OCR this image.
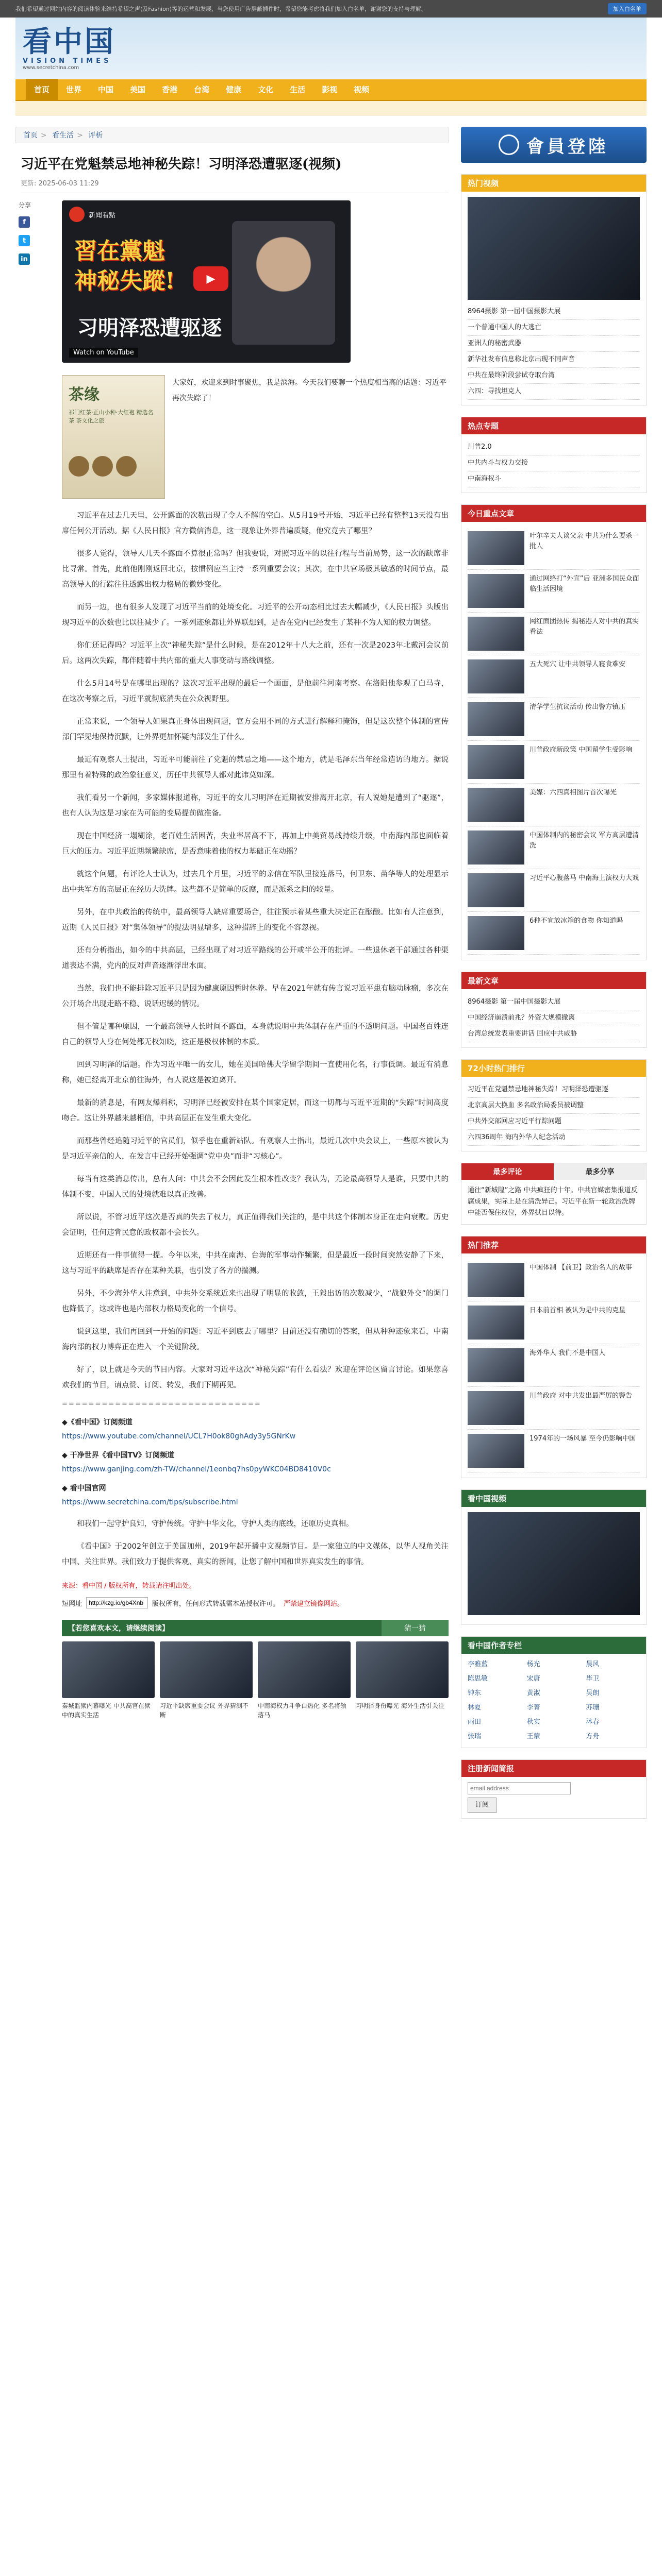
我们希望通过网站内容的阅读体验来维持希望之声(及Fashion)等的运营和发展，当您使用广告屏蔽插件时，希望您能考虑将我们加入白名单，谢谢您的支持与理解。	加入白名单
看中国
VISION TIMES
www.secretchina.com
首页	世界	中国	美国	香港	台湾	健康	文化	生活	影视	视频
首页 > 看生活 > 评析
习近平在党魁禁忌地神秘失踪！习明泽恐遭驱逐(视频)
更新: 2025-06-03 11:29
分享
f
t
in
新聞看點
習在黨魁
神秘失蹤!
习明泽恐遭驱逐
▶
Watch on YouTube
茶缘
祁门红茶·正山小种·大红袍 精选名茶 茶文化之旅
大家好，欢迎来到时事聚焦，我是滨海。今天我们要聊一个热度相当高的话题：习近平再次失踪了！

习近平在过去几天里，公开露面的次数出现了令人不解的空白。从5月19号开始，习近平已经有整整13天没有出席任何公开活动。据《人民日报》官方微信消息，这一现象让外界普遍质疑，他究竟去了哪里？

很多人觉得，领导人几天不露面不算很正常吗？但我要说，对照习近平的以往行程与当前局势，这一次的缺席非比寻常。首先，此前他刚刚返回北京，按惯例应当主持一系列重要会议；其次，在中共官场极其敏感的时间节点，最高领导人的行踪往往透露出权力格局的微妙变化。

而另一边，也有很多人发现了习近平当前的处境变化。习近平的公开动态相比过去大幅减少，《人民日报》头版出现习近平的次数也比以往减少了。一系列迹象都让外界联想到，是否在党内已经发生了某种不为人知的权力调整。

你们还记得吗？习近平上次“神秘失踪”是什么时候，是在2012年十八大之前，还有一次是2023年北戴河会议前后。这两次失踪，都伴随着中共内部的重大人事变动与路线调整。

什么5月14号是在哪里出现的？这次习近平出现的最后一个画面，是他前往河南考察。在洛阳他参观了白马寺，在这次考察之后，习近平就彻底消失在公众视野里。

正常来说，一个领导人如果真正身体出现问题，官方会用不同的方式进行解释和掩饰，但是这次整个体制的宣传部门罕见地保持沉默，让外界更加怀疑内部发生了什么。

最近有观察人士提出，习近平可能前往了党魁的禁忌之地——这个地方，就是毛泽东当年经常造访的地方。据说那里有着特殊的政治象征意义，历任中共领导人都对此讳莫如深。

我们看另一个新闻，多家媒体报道称，习近平的女儿习明泽在近期被安排离开北京，有人说她是遭到了“驱逐”，也有人认为这是习家在为可能的变局提前做准备。

现在中国经济一塌糊涂，老百姓生活困苦，失业率居高不下，再加上中美贸易战持续升级，中南海内部也面临着巨大的压力。习近平近期频繁缺席，是否意味着他的权力基础正在动摇？

就这个问题，有评论人士认为，过去几个月里，习近平的亲信在军队里接连落马，何卫东、苗华等人的处理显示出中共军方的高层正在经历大洗牌。这些都不是简单的反腐，而是派系之间的较量。

另外，在中共政治的传统中，最高领导人缺席重要场合，往往预示着某些重大决定正在酝酿。比如有人注意到，近期《人民日报》对“集体领导”的提法明显增多，这种措辞上的变化不容忽视。

还有分析指出，如今的中共高层，已经出现了对习近平路线的公开或半公开的批评。一些退休老干部通过各种渠道表达不满，党内的反对声音逐渐浮出水面。

当然，我们也不能排除习近平只是因为健康原因暂时休养。早在2021年就有传言说习近平患有脑动脉瘤，多次在公开场合出现走路不稳、说话迟缓的情况。

但不管是哪种原因，一个最高领导人长时间不露面，本身就说明中共体制存在严重的不透明问题。中国老百姓连自己的领导人身在何处都无权知晓，这正是极权体制的本质。

回到习明泽的话题。作为习近平唯一的女儿，她在美国哈佛大学留学期间一直使用化名，行事低调。最近有消息称，她已经离开北京前往海外，有人说这是被迫离开。

最新的消息是，有网友爆料称，习明泽已经被安排在某个国家定居，而这一切都与习近平近期的“失踪”时间高度吻合。这让外界越来越相信，中共高层正在发生重大变化。

而那些曾经追随习近平的官员们，似乎也在重新站队。有观察人士指出，最近几次中央会议上，一些原本被认为是习近平亲信的人，在发言中已经开始强调“党中央”而非“习核心”。

每当有这类消息传出，总有人问：中共会不会因此发生根本性改变？我认为，无论最高领导人是谁，只要中共的体制不变，中国人民的处境就难以真正改善。

所以说，不管习近平这次是否真的失去了权力，真正值得我们关注的，是中共这个体制本身正在走向衰败。历史会证明，任何违背民意的政权都不会长久。

近期还有一件事值得一提。今年以来，中共在南海、台海的军事动作频繁，但是最近一段时间突然安静了下来，这与习近平的缺席是否存在某种关联，也引发了各方的揣测。

另外，不少海外华人注意到，中共外交系统近来也出现了明显的收敛，王毅出访的次数减少，“战狼外交”的调门也降低了，这或许也是内部权力格局变化的一个信号。

说到这里，我们再回到一开始的问题：习近平到底去了哪里？目前还没有确切的答案，但从种种迹象来看，中南海内部的权力博弈正在进入一个关键阶段。

好了，以上就是今天的节目内容。大家对习近平这次“神秘失踪”有什么看法？欢迎在评论区留言讨论。如果您喜欢我们的节目，请点赞、订阅、转发，我们下期再见。

==============================
◆《看中国》订阅频道
https://www.youtube.com/channel/UCL7H0ok80ghAdy3y5GNrKw
◆ 干净世界《看中国TV》订阅频道
https://www.ganjing.com/zh-TW/channel/1eonbq7hs0pyWKC04BD8410V0c
◆ 看中国官网
https://www.secretchina.com/tips/subscribe.html

和我们一起守护良知，守护传统。守护中华文化，守护人类的底线，还原历史真相。

《看中国》于2002年创立于美国加州，2019年起开播中文视频节目。是一家独立的中文媒体，以华人视角关注中国、关注世界。我们致力于提供客观、真实的新闻，让您了解中国和世界真实发生的事情。

来源：看中国 / 版权所有，转载请注明出处。
短网址
http://kzg.io/gb4Xnb	版权所有，任何形式转载需本站授权许可。 严禁建立镜像网站。
【若您喜欢本文，请继续阅读】	猜一猜
秦城监狱内幕曝光 中共高官在狱中的真实生活
习近平缺席重要会议 外界猜测不断
中南海权力斗争白热化 多名将领落马
习明泽身份曝光 海外生活引关注
會員登陸
热门视频
8964摄影 第一届中国摄影大展
一个普通中国人的大逃亡
亚洲人的秘密武器
新华社发布信息称北京出现不同声音
中共在最终阶段尝试夺取台湾
六四：寻找坦克人
热点专题
川普2.0
中共内斗与权力交接
中南海权斗
今日重点文章
叶尔辛夫人谈父亲 中共为什么要杀一批人
通过网络打“外宣”后 亚洲多国民众面临生活困境
网红面团热传 揭秘港人对中共的真实看法
五大死穴 让中共领导人寝食难安
清华学生抗议活动 传出警方镇压
川普政府新政策 中国留学生受影响
美媒：六四真相图片首次曝光
中国体制内的秘密会议 军方高层遭清洗
习近平心腹落马 中南海上演权力大戏
6种不宜放冰箱的食物 你知道吗
最新文章
8964摄影 第一届中国摄影大展
中国经济崩溃前兆？外资大规模撤离
台湾总统发表重要讲话 回应中共威胁
72小时热门排行
习近平在党魁禁忌地神秘失踪！习明泽恐遭驱逐
北京高层大换血 多名政治局委员被调整
中共外交部回应习近平行踪问题
六四36周年 海内外华人纪念活动
最多评论	最多分享
通往“新城隍”之路 中共疯狂的十年。中共官媒密集报道反腐成果，实际上是在清洗异己。习近平在新一轮政治洗牌中能否保住权位，外界拭目以待。
热门推荐
中国体制 【前卫】政治名人的故事
日本前首相 被认为是中共的克星
海外华人 我们不是中国人
川普政府 对中共发出最严厉的警告
1974年的一场风暴 至今仍影响中国
看中国视频
看中国作者专栏
李雅蓝	杨光	晨风
陈思敏	宋唐	毕卫
钟东	黄淑	吴朗
林夏	李菁	苏珊
雨田	秋实	沐春
张瑞	王蒙	方舟
注册新闻简报
email address
订阅
